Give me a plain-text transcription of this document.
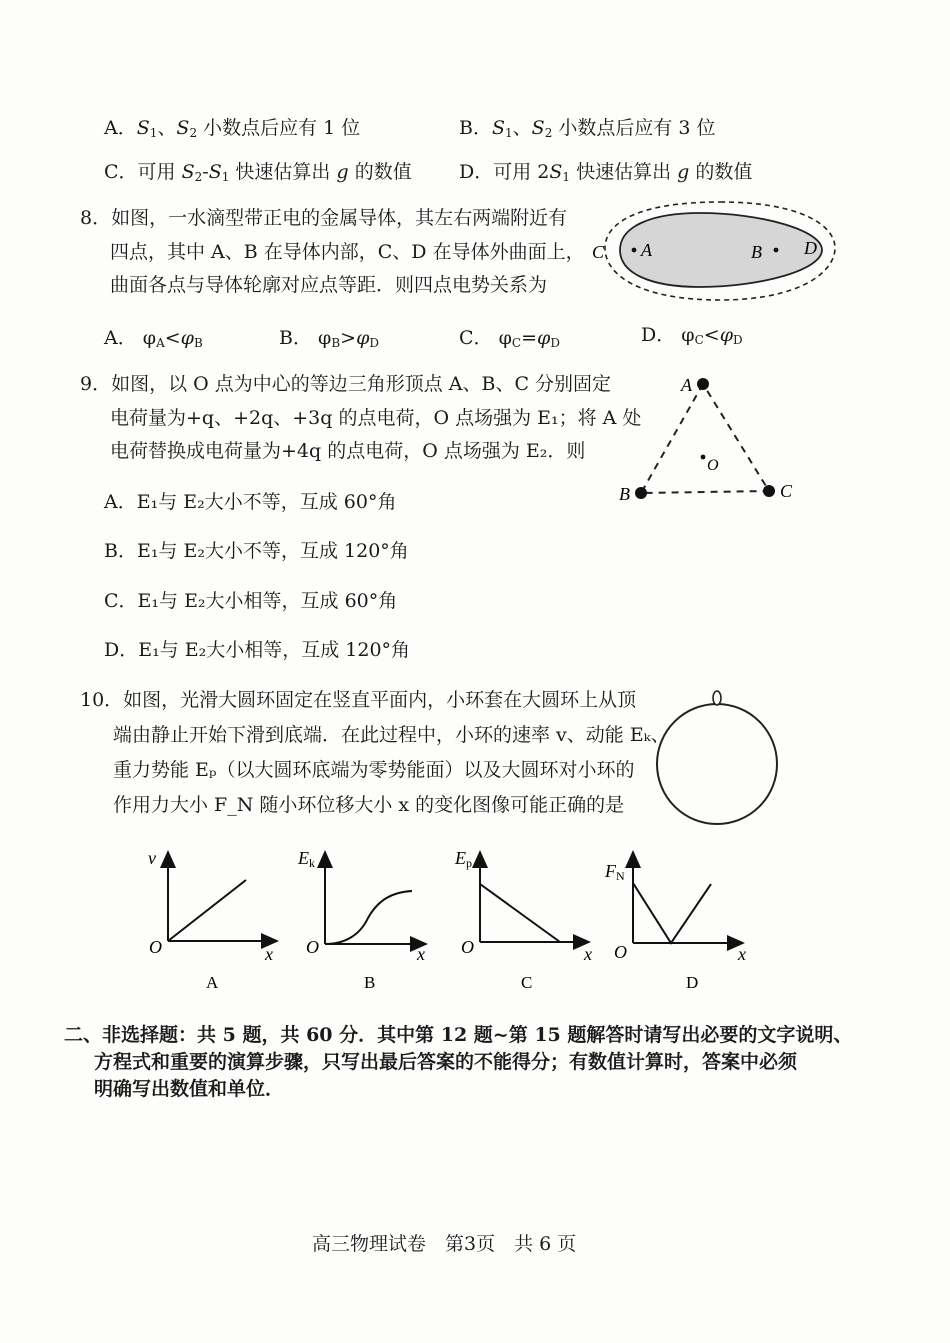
A．$S_1$、$S_2$ 小数点后应有 1 位	B．$S_1$、$S_2$ 小数点后应有 3 位
C．可用 $S_2-S_1$ 快速估算出 g 的数值 D．可用 $2S_1$ 快速估算出 g 的数值
8．如图，一水滴型带正电的金属导体，其左右两端附近有
四点，其中 A、B 在导体内部，C、D 在导体外曲面上，
曲面各点与导体轮廓对应点等距．则四点电势关系为
C A	B D
A． $\varphi_A<\varphi_B$	B． $\varphi_B>\varphi_D$	C． $\varphi_C=\varphi_D$	D． $\varphi_C<\varphi_D$
9．如图，以 O 点为中心的等边三角形顶点 A、B、C 分别固定
电荷量为+q、+2q、+3q 的点电荷，O 点场强为 E₁；将 A 处
电荷替换成电荷量为+4q 的点电荷，O 点场强为 E₂．则
A
B	C
O
A．E₁与 E₂大小不等，互成 60°角
B．E₁与 E₂大小不等，互成 120°角
C．E₁与 E₂大小相等，互成 60°角
D．E₁与 E₂大小相等，互成 120°角
10．如图，光滑大圆环固定在竖直平面内，小环套在大圆环上从顶
端由静止开始下滑到底端．在此过程中，小环的速率 v、动能 Eₖ、
重力势能 Eₚ（以大圆环底端为零势能面）以及大圆环对小环的
作用力大小 F_N 随小环位移大小 x 的变化图像可能正确的是
v
O	x
A
Ek
O	x
B
Ep
O	x
C
FN
O	x
D
二、非选择题：共 5 题，共 60 分．其中第 12 题~第 15 题解答时请写出必要的文字说明、
方程式和重要的演算步骤，只写出最后答案的不能得分；有数值计算时，答案中必须
明确写出数值和单位．
高三物理试卷　第3页　共 6 页
